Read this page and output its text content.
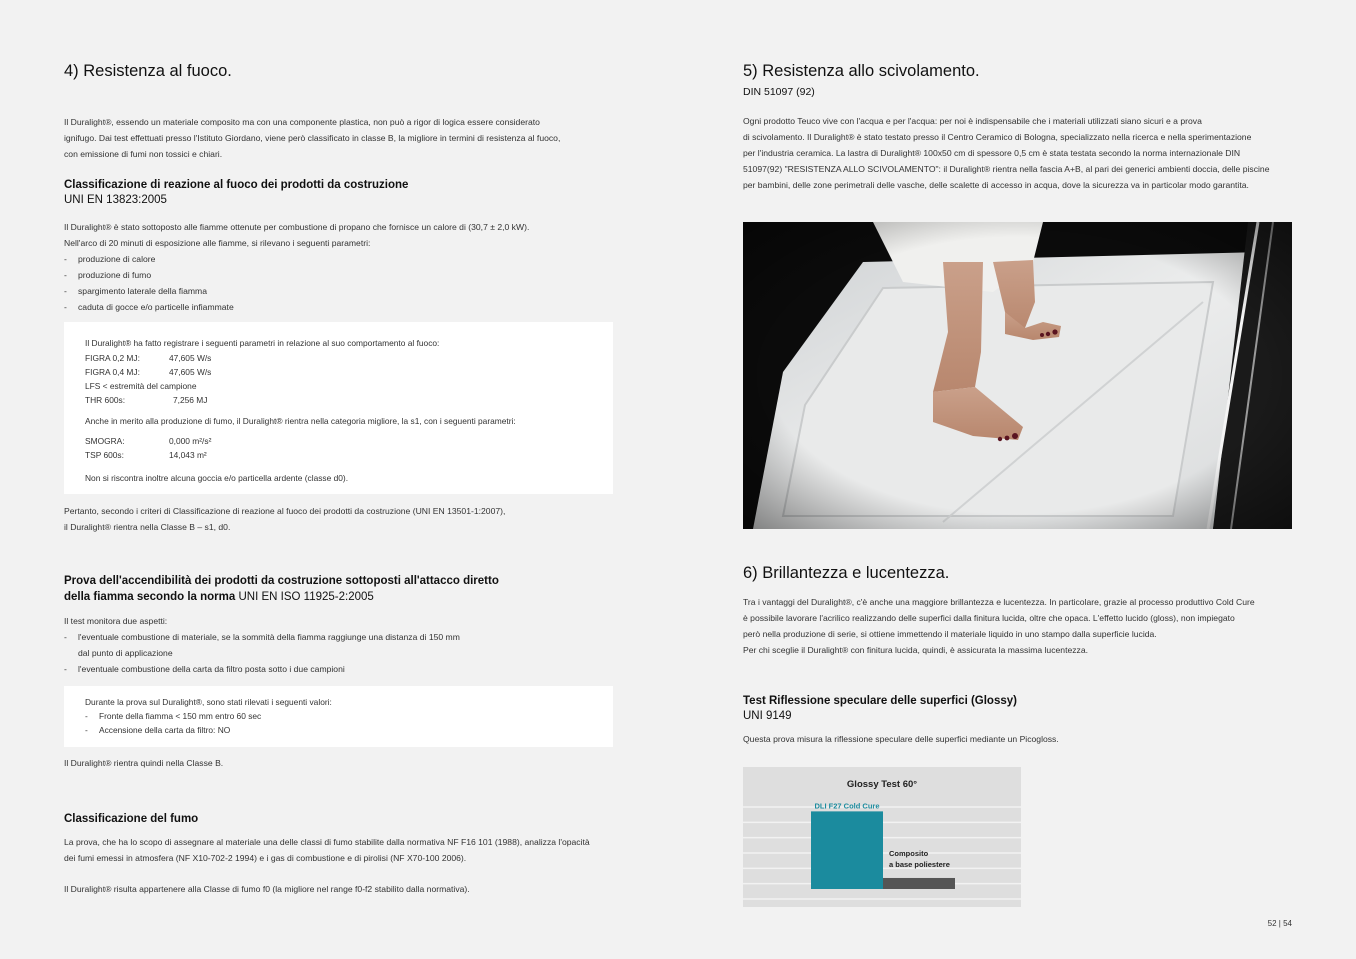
4) Resistenza al fuoco.
Il Duralight®, essendo un materiale composito ma con una componente plastica, non può a rigor di logica essere considerato
ignifugo. Dai test effettuati presso l'Istituto Giordano, viene però classificato in classe B, la migliore in termini di resistenza al fuoco,
con emissione di fumi non tossici e chiari.
Classificazione di reazione al fuoco dei prodotti da costruzione
UNI EN 13823:2005
Il Duralight® è stato sottoposto alle fiamme ottenute per combustione di propano che fornisce un calore di (30,7 ± 2,0 kW).
Nell'arco di 20 minuti di esposizione alle fiamme, si rilevano i seguenti parametri:
- produzione di calore
- produzione di fumo
- spargimento laterale della fiamma
- caduta di gocce e/o particelle infiammate
Il Duralight® ha fatto registrare i seguenti parametri in relazione al suo comportamento al fuoco:
FIGRA 0,2 MJ:	47,605 W/s
FIGRA 0,4 MJ:	47,605 W/s
LFS < estremità del campione
THR 600s:	7,256 MJ
Anche in merito alla produzione di fumo, il Duralight® rientra nella categoria migliore, la s1, con i seguenti parametri:
SMOGRA:	0,000 m²/s²
TSP 600s:	14,043 m²
Non si riscontra inoltre alcuna goccia e/o particella ardente (classe d0).
Pertanto, secondo i criteri di Classificazione di reazione al fuoco dei prodotti da costruzione (UNI EN 13501-1:2007),
il Duralight® rientra nella Classe B – s1, d0.
Prova dell'accendibilità dei prodotti da costruzione sottoposti all'attacco diretto
della fiamma secondo la norma UNI EN ISO 11925-2:2005
Il test monitora due aspetti:
- l'eventuale combustione di materiale, se la sommità della fiamma raggiunge una distanza di 150 mm
dal punto di applicazione
- l'eventuale combustione della carta da filtro posta sotto i due campioni
Durante la prova sul Duralight®, sono stati rilevati i seguenti valori:
- Fronte della fiamma < 150 mm entro 60 sec
- Accensione della carta da filtro: NO
Il Duralight® rientra quindi nella Classe B.
Classificazione del fumo
La prova, che ha lo scopo di assegnare al materiale una delle classi di fumo stabilite dalla normativa NF F16 101 (1988), analizza l'opacità
dei fumi emessi in atmosfera (NF X10-702-2 1994) e i gas di combustione e di pirolisi (NF X70-100 2006).
Il Duralight® risulta appartenere alla Classe di fumo f0 (la migliore nel range f0-f2 stabilito dalla normativa).
5) Resistenza allo scivolamento.
DIN 51097 (92)
Ogni prodotto Teuco vive con l'acqua e per l'acqua: per noi è indispensabile che i materiali utilizzati siano sicuri e a prova
di scivolamento. Il Duralight® è stato testato presso il Centro Ceramico di Bologna, specializzato nella ricerca e nella sperimentazione
per l'industria ceramica. La lastra di Duralight® 100x50 cm di spessore 0,5 cm è stata testata secondo la norma internazionale DIN
51097(92) "RESISTENZA ALLO SCIVOLAMENTO": il Duralight® rientra nella fascia A+B, al pari dei generici ambienti doccia, delle piscine
per bambini, delle zone perimetrali delle vasche, delle scalette di accesso in acqua, dove la sicurezza va in particolar modo garantita.
6) Brillantezza e lucentezza.
Tra i vantaggi del Duralight®, c'è anche una maggiore brillantezza e lucentezza. In particolare, grazie al processo produttivo Cold Cure
è possibile lavorare l'acrilico realizzando delle superfici dalla finitura lucida, oltre che opaca. L'effetto lucido (gloss), non impiegato
però nella produzione di serie, si ottiene immettendo il materiale liquido in uno stampo dalla superficie lucida.
Per chi sceglie il Duralight® con finitura lucida, quindi, è assicurata la massima lucentezza.
Test Riflessione speculare delle superfici (Glossy)
UNI 9149
Questa prova misura la riflessione speculare delle superfici mediante un Picogloss.
Glossy Test 60°
DLI F27 Cold Cure
Composito
a base poliestere
52 | 54
